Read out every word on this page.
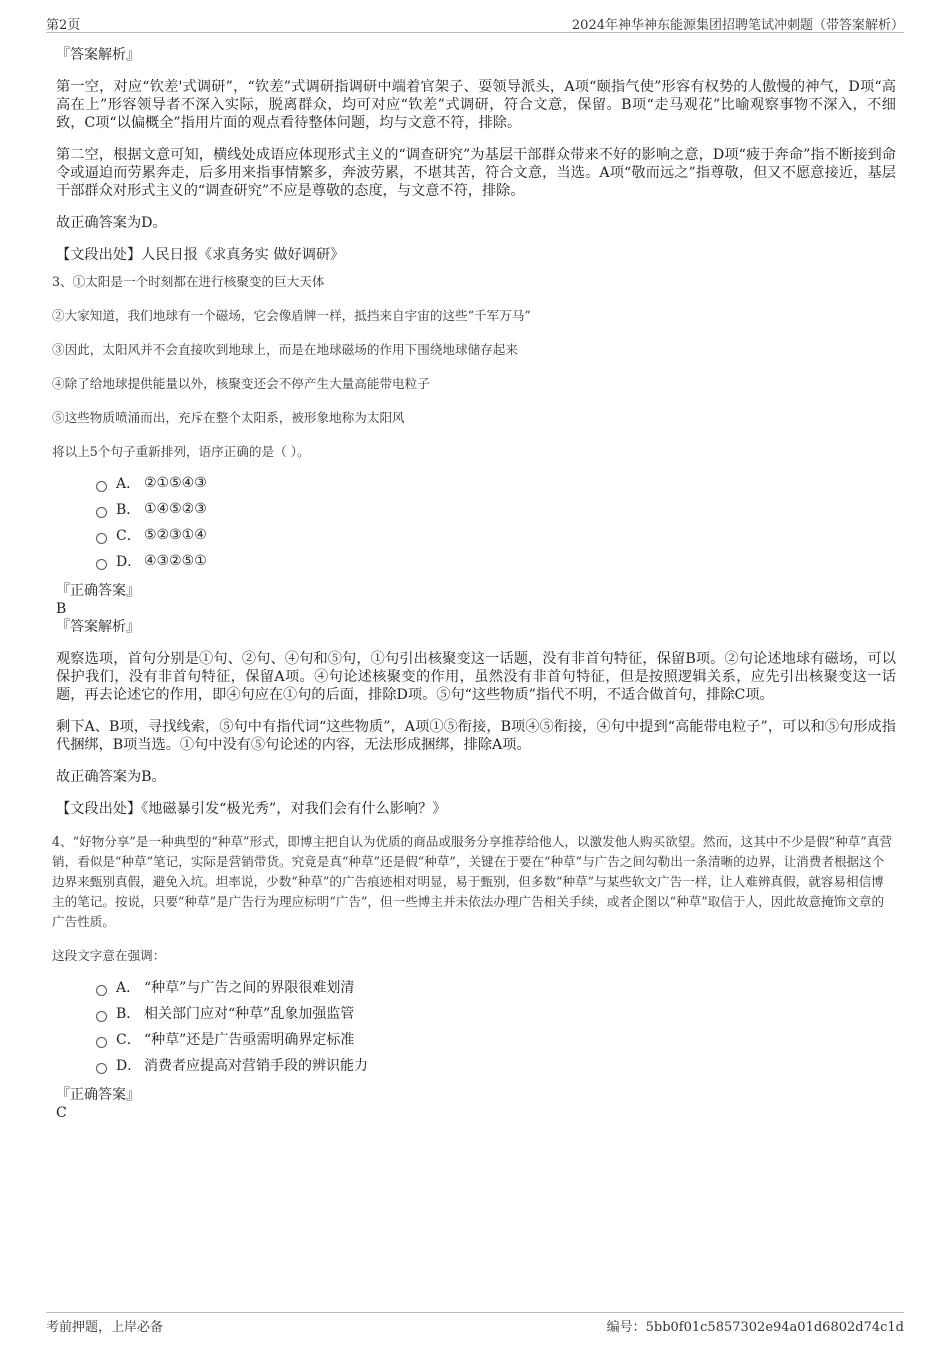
第2页	2024年神华神东能源集团招聘笔试冲刺题（带答案解析）

『答案解析』

第一空，对应“钦差'式调研”，“钦差”式调研指调研中端着官架子、耍领导派头，A项“颐指气使”形容有权势的人傲慢的神气，D项“高高在上”形容领导者不深入实际，脱离群众，均可对应“钦差”式调研，符合文意，保留。B项“走马观花”比喻观察事物不深入，不细致，C项“以偏概全”指用片面的观点看待整体问题，均与文意不符，排除。

第二空，根据文意可知，横线处成语应体现形式主义的“调查研究”为基层干部群众带来不好的影响之意，D项“疲于奔命”指不断接到命令或逼迫而劳累奔走，后多用来指事情繁多，奔波劳累，不堪其苦，符合文意，当选。A项“敬而远之”指尊敬，但又不愿意接近，基层干部群众对形式主义的“调查研究”不应是尊敬的态度，与文意不符，排除。

故正确答案为D。

【文段出处】人民日报《求真务实 做好调研》

3、①太阳是一个时刻都在进行核聚变的巨大天体

②大家知道，我们地球有一个磁场，它会像盾牌一样，抵挡来自宇宙的这些“千军万马”

③因此，太阳风并不会直接吹到地球上，而是在地球磁场的作用下围绕地球储存起来

④除了给地球提供能量以外，核聚变还会不停产生大量高能带电粒子

⑤这些物质喷涌而出，充斥在整个太阳系，被形象地称为太阳风

将以上5个句子重新排列，语序正确的是（ ）。

A． ②①⑤④③
B． ①④⑤②③
C． ⑤②③①④
D． ④③②⑤①

『正确答案』

B

『答案解析』

观察选项，首句分别是①句、②句、④句和⑤句，①句引出核聚变这一话题，没有非首句特征，保留B项。②句论述地球有磁场，可以保护我们，没有非首句特征，保留A项。④句论述核聚变的作用，虽然没有非首句特征，但是按照逻辑关系，应先引出核聚变这一话题，再去论述它的作用，即④句应在①句的后面，排除D项。⑤句“这些物质”指代不明，不适合做首句，排除C项。

剩下A、B项，寻找线索，⑤句中有指代词“这些物质”，A项①⑤衔接，B项④⑤衔接，④句中提到“高能带电粒子”，可以和⑤句形成指代捆绑，B项当选。①句中没有⑤句论述的内容，无法形成捆绑，排除A项。

故正确答案为B。

【文段出处】《地磁暴引发“极光秀”，对我们会有什么影响？》

4、“好物分享”是一种典型的“种草”形式，即博主把自认为优质的商品或服务分享推荐给他人，以激发他人购买欲望。然而，这其中不少是假“种草”真营销，看似是“种草”笔记，实际是营销带货。究竟是真“种草”还是假“种草”，关键在于要在“种草”与广告之间勾勒出一条清晰的边界，让消费者根据这个边界来甄别真假，避免入坑。坦率说，少数“种草”的广告痕迹相对明显，易于甄别，但多数“种草”与某些软文广告一样，让人难辨真假，就容易相信博主的笔记。按说，只要“种草”是广告行为理应标明“广告”，但一些博主并未依法办理广告相关手续，或者企图以“种草”取信于人，因此故意掩饰文章的广告性质。

这段文字意在强调：

A． “种草”与广告之间的界限很难划清
B． 相关部门应对“种草”乱象加强监管
C． “种草”还是广告亟需明确界定标准
D． 消费者应提高对营销手段的辨识能力

『正确答案』

C

考前押题，上岸必备	编号：5bb0f01c5857302e94a01d6802d74c1d
